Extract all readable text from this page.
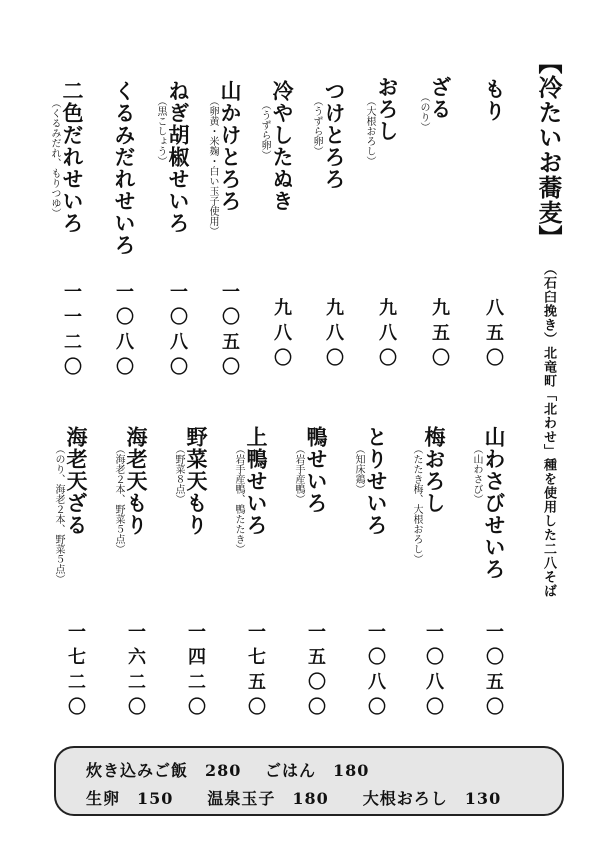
【冷たいお蕎麦】
（石臼挽き）北竜町「北わせ」種を使用した二八そば
もり
八五〇
ざる
（のり）
九五〇
おろし
（大根おろし）
九八〇
つけとろろ
（うずら卵）
九八〇
冷やしたぬき
（うずら卵）
九八〇
山かけとろろ
（卵黄・米麹・白い玉子使用）
一〇五〇
ねぎ胡椒せいろ
（黒こしょう）
一〇八〇
くるみだれせいろ
一〇八〇
二色だれせいろ
（くるみだれ、もりつゆ）
一一二〇
山わさびせいろ
（山わさび）
一〇五〇
梅おろし
（たたき梅、大根おろし）
一〇八〇
とりせいろ
（知床鶏）
一〇八〇
鴨せいろ
（岩手産鴨）
一五〇〇
上鴨せいろ
（岩手産鴨、鴨たたき）
一七五〇
野菜天もり
（野菜８点）
一四二〇
海老天もり
（海老２本、野菜５点）
一六二〇
海老天ざる
（のり、海老２本、野菜５点）
一七二〇
炊き込みご飯　280　 ごはん　180
生卵　150　　温泉玉子　180　　大根おろし　130
